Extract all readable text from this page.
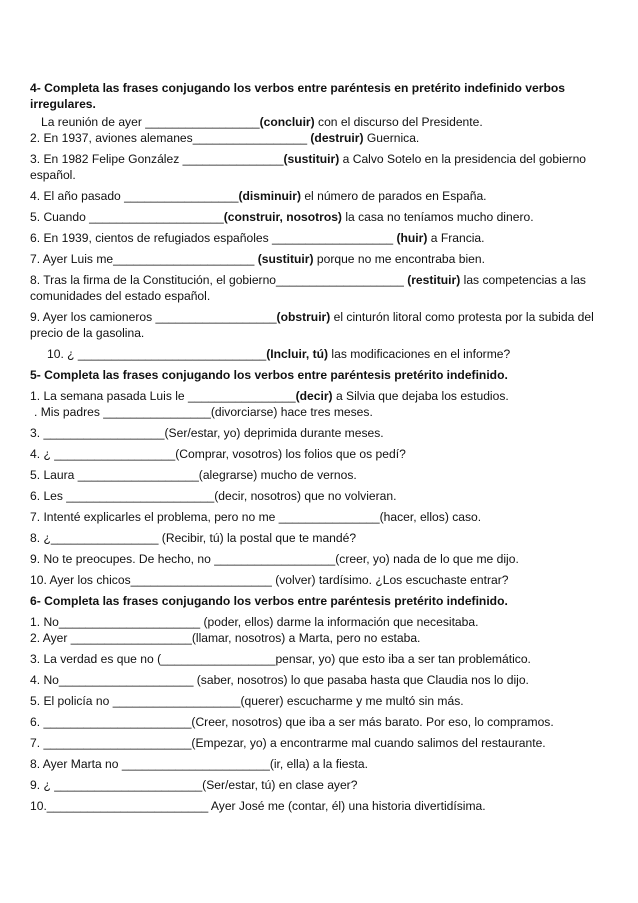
4- Completa las frases conjugando los verbos entre paréntesis en pretérito indefinido verbos irregulares.
La reunión de ayer _________________(concluir) con el discurso del Presidente.
2. En 1937, aviones alemanes_________________ (destruir) Guernica.
3. En 1982 Felipe González _______________(sustituir) a Calvo Sotelo en la presidencia del gobierno español.
4. El año pasado _________________(disminuir) el número de parados en España.
5. Cuando ____________________(construir, nosotros) la casa no teníamos mucho dinero.
6. En 1939, cientos de refugiados españoles __________________ (huir) a Francia.
7. Ayer Luis me_____________________ (sustituir) porque no me encontraba bien.
8. Tras la firma de la Constitución, el gobierno___________________ (restituir) las competencias a las comunidades del estado español.
9. Ayer los camioneros __________________(obstruir) el cinturón litoral como protesta por la subida del precio de la gasolina.
10. ¿ ____________________________(Incluir, tú) las modificaciones en el informe?
5- Completa las frases conjugando los verbos entre paréntesis pretérito indefinido.
1. La semana pasada Luis le ________________(decir) a Silvia que dejaba los estudios.
. Mis padres ________________(divorciarse) hace tres meses.
3. __________________(Ser/estar, yo) deprimida durante meses.
4. ¿ __________________(Comprar, vosotros) los folios que os pedí?
5. Laura __________________(alegrarse) mucho de vernos.
6. Les ______________________(decir, nosotros) que no volvieran.
7. Intenté explicarles el problema, pero no me _______________(hacer, ellos) caso.
8. ¿________________ (Recibir, tú) la postal que te mandé?
9. No te preocupes. De hecho, no __________________(creer, yo) nada de lo que me dijo.
10. Ayer los chicos_____________________ (volver) tardísimo. ¿Los escuchaste entrar?
6- Completa las frases conjugando los verbos entre paréntesis pretérito indefinido.
1. No_____________________ (poder, ellos) darme la información que necesitaba.
2. Ayer __________________(llamar, nosotros) a Marta, pero no estaba.
3. La verdad es que no (_________________pensar, yo) que esto iba a ser tan problemático.
4. No____________________ (saber, nosotros) lo que pasaba hasta que Claudia nos lo dijo.
5. El policía no ___________________(querer) escucharme y me multó sin más.
6. ______________________(Creer, nosotros) que iba a ser más barato. Por eso, lo compramos.
7. ______________________(Empezar, yo) a encontrarme mal cuando salimos del restaurante.
8. Ayer Marta no ______________________(ir, ella) a la fiesta.
9. ¿ ______________________(Ser/estar, tú) en clase ayer?
10.________________________ Ayer José me (contar, él) una historia divertidísima.
